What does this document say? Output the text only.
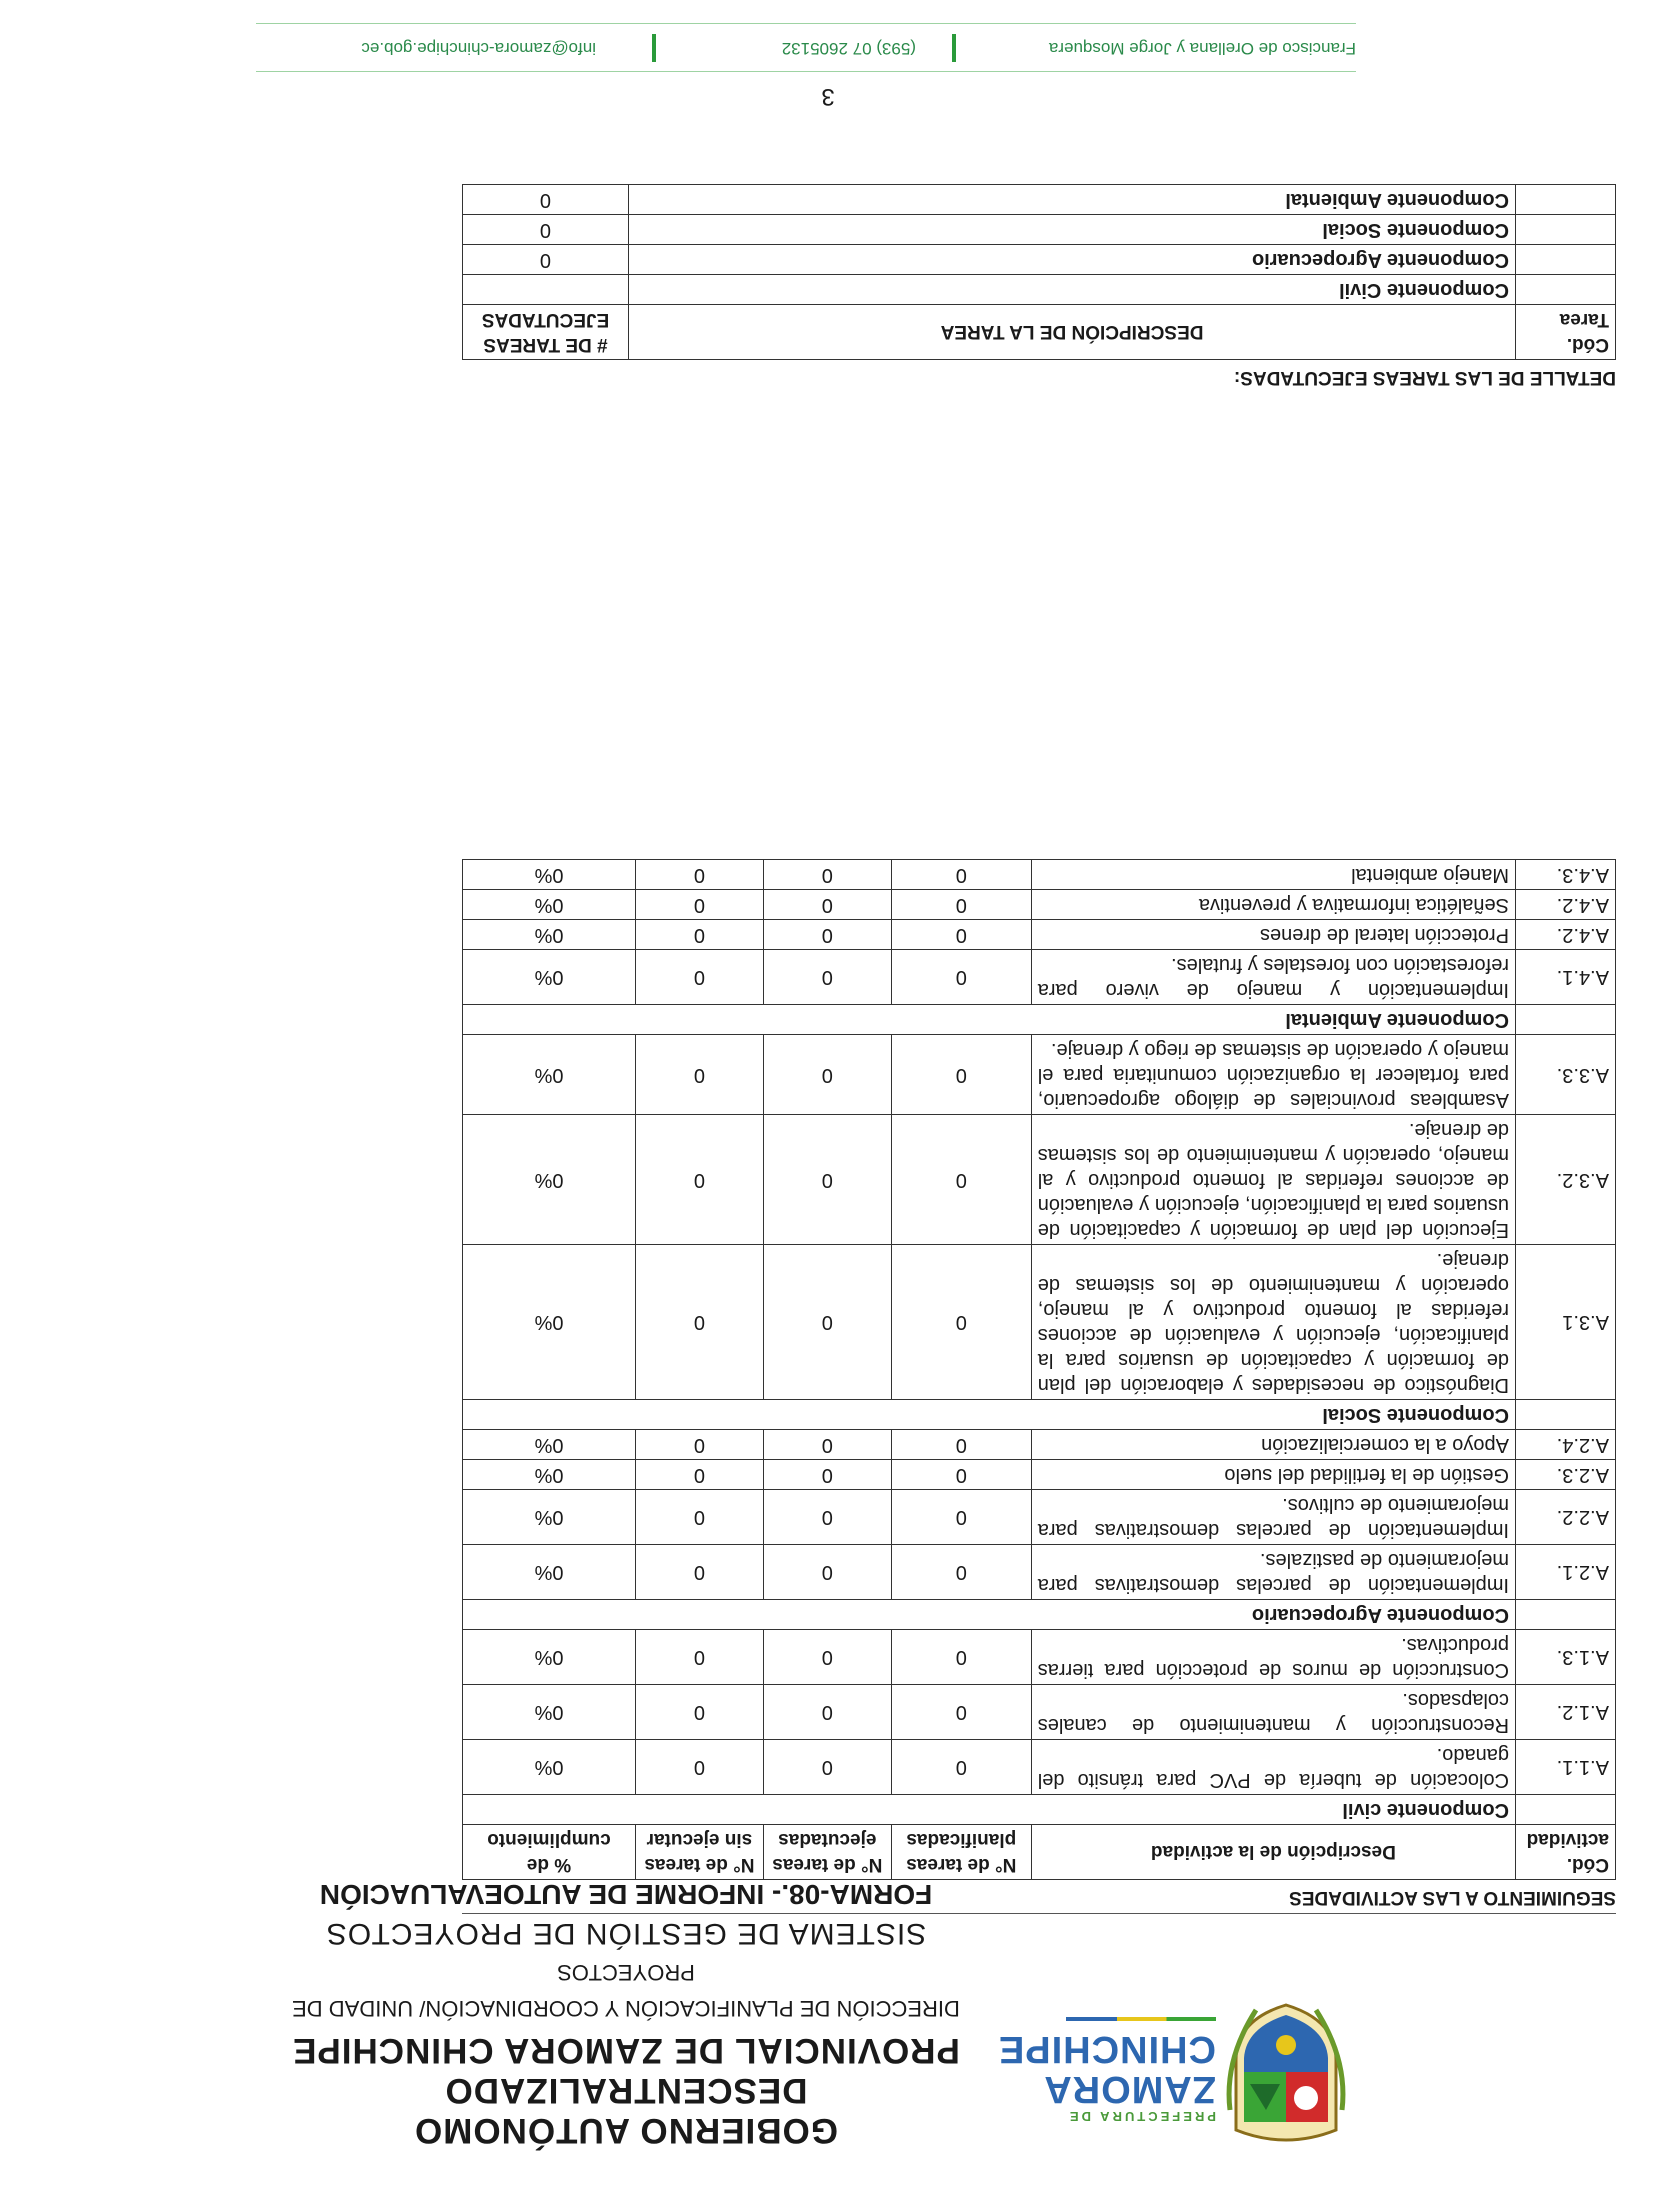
PREFECTURA DE
ZAMORA
CHINCHIPE
GOBIERNO AUTÓNOMO DESCENTRALIZADO
PROVINCIAL DE ZAMORA CHINCHIPE
DIRECCIÓN DE PLANIFICACIÓN Y COORDINACIÓN/ UNIDAD DE
PROYECTOS
SISTEMA DE GESTIÓN DE PROYECTOS
FORMA-08.- INFORME DE AUTOEVALUACIÓN	SEGUIMIENTO A LAS ACTIVIDADES
Cód. actividad	Descripción de la actividad	N° de tareas planificadas	N° de tareas ejecutadas	N° de tareas sin ejecutar	% de cumplimiento
	Componente civil				
A.1.1.	Colocación de tubería de PVC para tránsito del ganado.	0	0	0	0%
A.1.2.	Reconstrucción y mantenimiento de canales colapsados.	0	0	0	0%
A.1.3.	Construcción de muros de protección para tierras productivas.	0	0	0	0%
	Componente Agropecuario				
A.2.1.	Implementación de parcelas demostrativas para mejoramiento de pastizales.	0	0	0	0%
A.2.2.	Implementación de parcelas demostrativas para mejoramiento de cultivos.	0	0	0	0%
A.2.3.	Gestión de la fertilidad del suelo	0	0	0	0%
A.2.4.	Apoyo a la comercialización	0	0	0	0%
	Componente Social				
A.3.1	Diagnóstico de necesidades y elaboración del plan de formación y capacitación de usuarios para la planificación, ejecución y evaluación de acciones referidas al fomento productivo y al manejo, operación y mantenimiento de los sistemas de drenaje.	0	0	0	0%
A.3.2.	Ejecución del plan de formación y capacitación de usuarios para la planificación, ejecución y evaluación de acciones referidas al fomento productivo y al manejo, operación y mantenimiento de los sistemas de drenaje.	0	0	0	0%
A.3.3.	Asambleas provinciales de diálogo agropecuario, para fortalecer la organización comunitaria para el manejo y operación de sistemas de riego y drenaje.	0	0	0	0%
	Componente Ambiental				
A.4.1.	Implementación y manejo de vivero para reforestación con forestales y frutales.	0	0	0	0%
A.4.2.	Protección lateral de drenes	0	0	0	0%
A.4.2.	Señalética informativa y preventiva	0	0	0	0%
A.4.3.	Manejo ambiental	0	0	0	0%
DETALLE DE LAS TAREAS EJECUTADAS:
Cód. Tarea	DESCRIPCIÓN DE LA TAREA	# DE TAREAS EJECUTADAS
	Componente Civil	
	Componente Agropecuario	0
	Componente Social	0
	Componente Ambiental	0
3
Francisco de Orellana y Jorge Mosquera
(593) 07 2605132
info@zamora-chinchipe.gob.ec
